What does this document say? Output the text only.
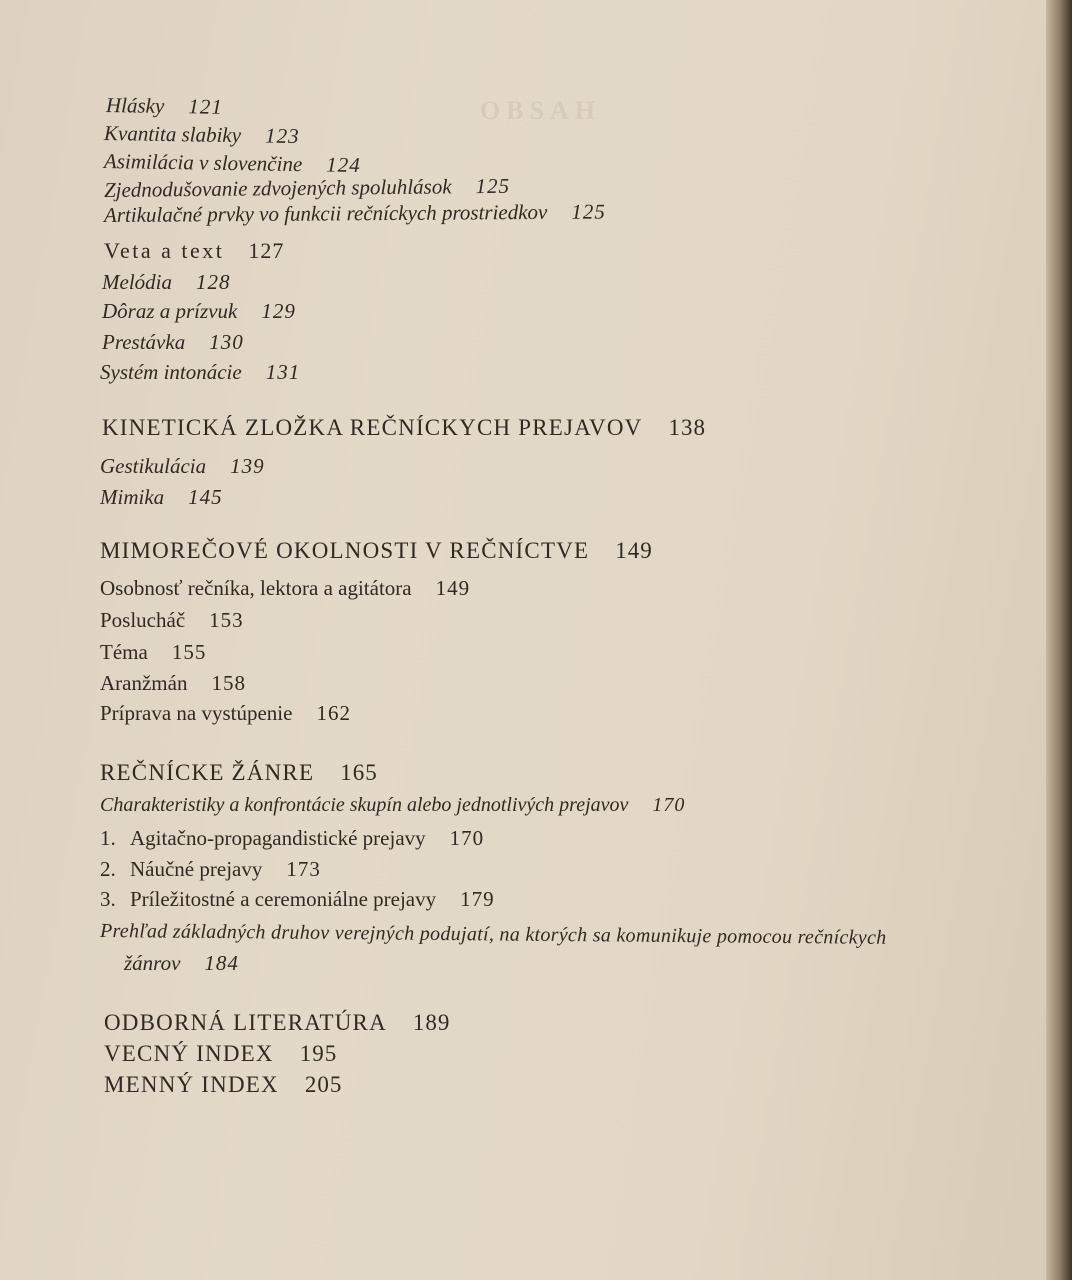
OBSAH
Hlásky 121
Kvantita slabiky 123
Asimilácia v slovenčine 124
Zjednodušovanie zdvojených spoluhlások 125
Artikulačné prvky vo funkcii rečníckych prostriedkov 125
Veta a text 127
Melódia 128
Dôraz a prízvuk 129
Prestávka 130
Systém intonácie 131
KINETICKÁ ZLOŽKA REČNÍCKYCH PREJAVOV 138
Gestikulácia 139
Mimika 145
MIMOREČOVÉ OKOLNOSTI V REČNÍCTVE 149
Osobnosť rečníka, lektora a agitátora 149
Poslucháč 153
Téma 155
Aranžmán 158
Príprava na vystúpenie 162
REČNÍCKE ŽÁNRE 165
Charakteristiky a konfrontácie skupín alebo jednotlivých prejavov 170
1. Agitačno-propagandistické prejavy 170
2. Náučné prejavy 173
3. Príležitostné a ceremoniálne prejavy 179
Prehľad základných druhov verejných podujatí, na ktorých sa komunikuje pomocou rečníckych
žánrov 184
ODBORNÁ LITERATÚRA 189
VECNÝ INDEX 195
MENNÝ INDEX 205
